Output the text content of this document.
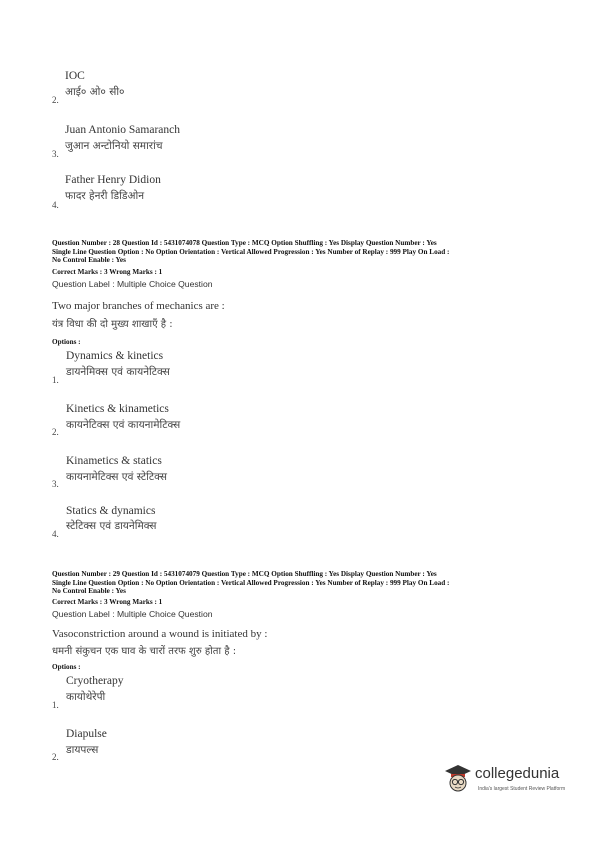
IOC
आई० ओ० सी०
2.
Juan Antonio Samaranch
जुआन अन्टोनियो समारांच
3.
Father Henry Didion
फादर हेनरी डिडिओन
4.
Question Number : 28 Question Id : 5431074078 Question Type : MCQ Option Shuffling : Yes Display Question Number : Yes
Single Line Question Option : No Option Orientation : Vertical Allowed Progression : Yes Number of Replay : 999 Play On Load :
No Control Enable : Yes
Correct Marks : 3 Wrong Marks : 1
Question Label : Multiple Choice Question
Two major branches of mechanics are :
यंत्र विधा की दो मुख्य शाखाएँ है :
Options :
Dynamics & kinetics
डायनेमिक्स एवं कायनेटिक्स
1.
Kinetics & kinametics
कायनेटिक्स एवं कायनामेटिक्स
2.
Kinametics & statics
कायनामेटिक्स एवं स्टेटिक्स
3.
Statics & dynamics
स्टेटिक्स एवं डायनेमिक्स
4.
Question Number : 29 Question Id : 5431074079 Question Type : MCQ Option Shuffling : Yes Display Question Number : Yes
Single Line Question Option : No Option Orientation : Vertical Allowed Progression : Yes Number of Replay : 999 Play On Load :
No Control Enable : Yes
Correct Marks : 3 Wrong Marks : 1
Question Label : Multiple Choice Question
Vasoconstriction around a wound is initiated by :
धमनी संकुचन एक घाव के चारों तरफ शुरु होता है :
Options :
Cryotherapy
कायोथेरेपी
1.
Diapulse
डायपल्स
2.
collegedunia
India's largest Student Review Platform
